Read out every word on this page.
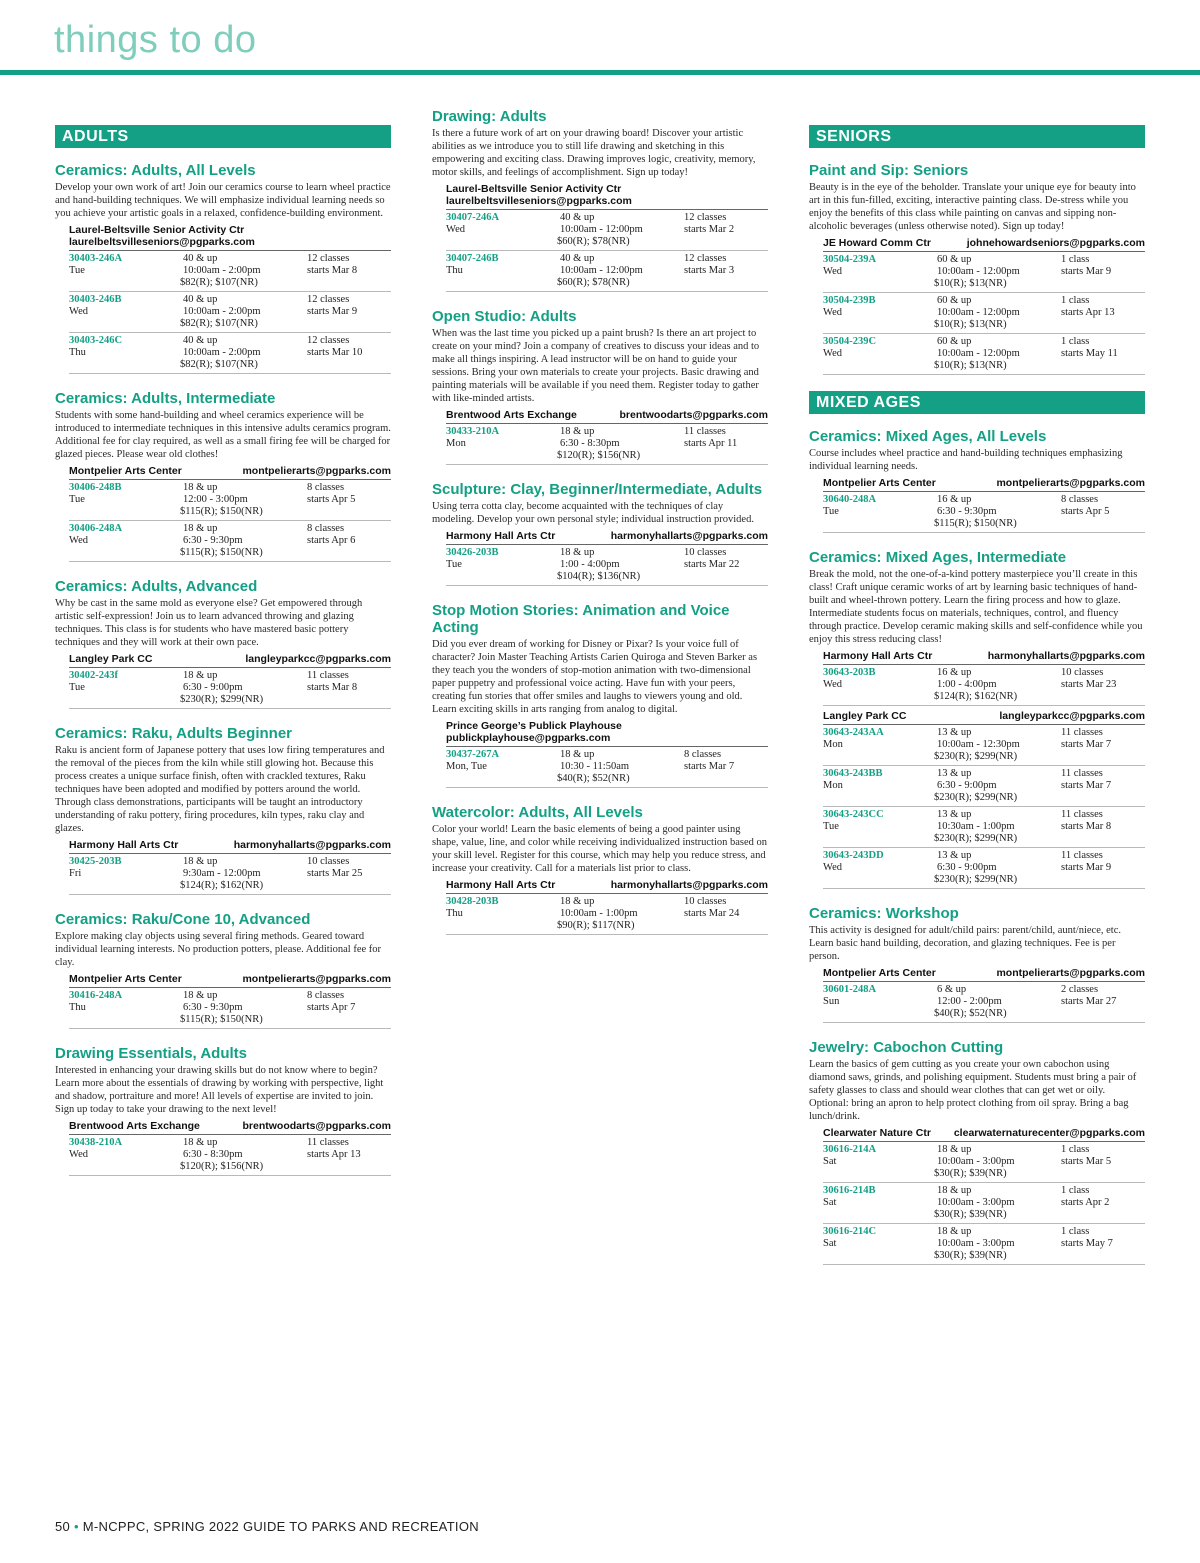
things to do
ADULTS
Ceramics: Adults, All Levels

Develop your own work of art! Join our ceramics course to learn wheel practice and hand-building techniques. We will emphasize individual learning needs so you achieve your artistic goals in a relaxed, confidence-building environment.

Laurel-Beltsville Senior Activity Ctr
laurelbeltsvilleseniors@pgparks.com
30403-246A	40 & up	12 classes
Tue	10:00am - 2:00pm	starts Mar 8
$82(R); $107(NR)
30403-246B	40 & up	12 classes
Wed	10:00am - 2:00pm	starts Mar 9
$82(R); $107(NR)
30403-246C	40 & up	12 classes
Thu	10:00am - 2:00pm	starts Mar 10
$82(R); $107(NR)
Ceramics: Adults, Intermediate

Students with some hand-building and wheel ceramics experience will be introduced to intermediate techniques in this intensive adults ceramics program. Additional fee for clay required, as well as a small firing fee will be charged for glazed pieces. Please wear old clothes!

Montpelier Arts Center	montpelierarts@pgparks.com
30406-248B	18 & up	8 classes
Tue	12:00 - 3:00pm	starts Apr 5
$115(R); $150(NR)
30406-248A	18 & up	8 classes
Wed	6:30 - 9:30pm	starts Apr 6
$115(R); $150(NR)
Ceramics: Adults, Advanced

Why be cast in the same mold as everyone else? Get empowered through artistic self-expression! Join us to learn advanced throwing and glazing techniques. This class is for students who have mastered basic pottery techniques and they will work at their own pace.

Langley Park CC	langleyparkcc@pgparks.com
30402-243f	18 & up	11 classes
Tue	6:30 - 9:00pm	starts Mar 8
$230(R); $299(NR)
Ceramics: Raku, Adults Beginner

Raku is ancient form of Japanese pottery that uses low firing temperatures and the removal of the pieces from the kiln while still glowing hot. Because this process creates a unique surface finish, often with crackled textures, Raku techniques have been adopted and modified by potters around the world. Through class demonstrations, participants will be taught an introductory understanding of raku pottery, firing procedures, kiln types, raku clay and glazes.

Harmony Hall Arts Ctr	harmonyhallarts@pgparks.com
30425-203B	18 & up	10 classes
Fri	9:30am - 12:00pm	starts Mar 25
$124(R); $162(NR)
Ceramics: Raku/Cone 10, Advanced

Explore making clay objects using several firing methods. Geared toward individual learning interests. No production potters, please. Additional fee for clay.

Montpelier Arts Center	montpelierarts@pgparks.com
30416-248A	18 & up	8 classes
Thu	6:30 - 9:30pm	starts Apr 7
$115(R); $150(NR)
Drawing Essentials, Adults

Interested in enhancing your drawing skills but do not know where to begin? Learn more about the essentials of drawing by working with perspective, light and shadow, portraiture and more! All levels of expertise are invited to join. Sign up today to take your drawing to the next level!

Brentwood Arts Exchange	brentwoodarts@pgparks.com
30438-210A	18 & up	11 classes
Wed	6:30 - 8:30pm	starts Apr 13
$120(R); $156(NR)
Drawing: Adults

Is there a future work of art on your drawing board! Discover your artistic abilities as we introduce you to still life drawing and sketching in this empowering and exciting class. Drawing improves logic, creativity, memory, motor skills, and feelings of accomplishment. Sign up today!

Laurel-Beltsville Senior Activity Ctr
laurelbeltsvilleseniors@pgparks.com
30407-246A	40 & up	12 classes
Wed	10:00am - 12:00pm	starts Mar 2
$60(R); $78(NR)
30407-246B	40 & up	12 classes
Thu	10:00am - 12:00pm	starts Mar 3
$60(R); $78(NR)
Open Studio: Adults

When was the last time you picked up a paint brush? Is there an art project to create on your mind? Join a company of creatives to discuss your ideas and to make all things inspiring. A lead instructor will be on hand to guide your sessions. Bring your own materials to create your projects. Basic drawing and painting materials will be available if you need them. Register today to gather with like-minded artists.

Brentwood Arts Exchange	brentwoodarts@pgparks.com
30433-210A	18 & up	11 classes
Mon	6:30 - 8:30pm	starts Apr 11
$120(R); $156(NR)
Sculpture: Clay, Beginner/Intermediate, Adults

Using terra cotta clay, become acquainted with the techniques of clay modeling. Develop your own personal style; individual instruction provided.

Harmony Hall Arts Ctr	harmonyhallarts@pgparks.com
30426-203B	18 & up	10 classes
Tue	1:00 - 4:00pm	starts Mar 22
$104(R); $136(NR)
Stop Motion Stories: Animation and Voice Acting

Did you ever dream of working for Disney or Pixar? Is your voice full of character? Join Master Teaching Artists Carien Quiroga and Steven Barker as they teach you the wonders of stop-motion animation with two-dimensional paper puppetry and professional voice acting. Have fun with your peers, creating fun stories that offer smiles and laughs to viewers young and old. Learn exciting skills in arts ranging from analog to digital.

Prince George’s Publick Playhouse
publickplayhouse@pgparks.com
30437-267A	18 & up	8 classes
Mon, Tue	10:30 - 11:50am	starts Mar 7
$40(R); $52(NR)
Watercolor: Adults, All Levels

Color your world! Learn the basic elements of being a good painter using shape, value, line, and color while receiving individualized instruction based on your skill level. Register for this course, which may help you reduce stress, and increase your creativity. Call for a materials list prior to class.

Harmony Hall Arts Ctr	harmonyhallarts@pgparks.com
30428-203B	18 & up	10 classes
Thu	10:00am - 1:00pm	starts Mar 24
$90(R); $117(NR)
SENIORS
Paint and Sip: Seniors

Beauty is in the eye of the beholder. Translate your unique eye for beauty into art in this fun-filled, exciting, interactive painting class. De-stress while you enjoy the benefits of this class while painting on canvas and sipping non-alcoholic beverages (unless otherwise noted). Sign up today!

JE Howard Comm Ctr	johnehowardseniors@pgparks.com
30504-239A	60 & up	1 class
Wed	10:00am - 12:00pm	starts Mar 9
$10(R); $13(NR)
30504-239B	60 & up	1 class
Wed	10:00am - 12:00pm	starts Apr 13
$10(R); $13(NR)
30504-239C	60 & up	1 class
Wed	10:00am - 12:00pm	starts May 11
$10(R); $13(NR)
MIXED AGES
Ceramics: Mixed Ages, All Levels

Course includes wheel practice and hand-building techniques emphasizing individual learning needs.

Montpelier Arts Center	montpelierarts@pgparks.com
30640-248A	16 & up	8 classes
Tue	6:30 - 9:30pm	starts Apr 5
$115(R); $150(NR)
Ceramics: Mixed Ages, Intermediate

Break the mold, not the one-of-a-kind pottery masterpiece you’ll create in this class! Craft unique ceramic works of art by learning basic techniques of hand-built and wheel-thrown pottery. Learn the firing process and how to glaze. Intermediate students focus on materials, techniques, control, and fluency through practice. Develop ceramic making skills and self-confidence while you enjoy this stress reducing class!

Harmony Hall Arts Ctr	harmonyhallarts@pgparks.com
30643-203B	16 & up	10 classes
Wed	1:00 - 4:00pm	starts Mar 23
$124(R); $162(NR)
Langley Park CC	langleyparkcc@pgparks.com
30643-243AA	13 & up	11 classes
Mon	10:00am - 12:30pm	starts Mar 7
$230(R); $299(NR)
30643-243BB	13 & up	11 classes
Mon	6:30 - 9:00pm	starts Mar 7
$230(R); $299(NR)
30643-243CC	13 & up	11 classes
Tue	10:30am - 1:00pm	starts Mar 8
$230(R); $299(NR)
30643-243DD	13 & up	11 classes
Wed	6:30 - 9:00pm	starts Mar 9
$230(R); $299(NR)
Ceramics: Workshop

This activity is designed for adult/child pairs: parent/child, aunt/niece, etc. Learn basic hand building, decoration, and glazing techniques. Fee is per person.

Montpelier Arts Center	montpelierarts@pgparks.com
30601-248A	6 & up	2 classes
Sun	12:00 - 2:00pm	starts Mar 27
$40(R); $52(NR)
Jewelry: Cabochon Cutting

Learn the basics of gem cutting as you create your own cabochon using diamond saws, grinds, and polishing equipment. Students must bring a pair of safety glasses to class and should wear clothes that can get wet or oily. Optional: bring an apron to help protect clothing from oil spray. Bring a bag lunch/drink.

Clearwater Nature Ctr clearwaternaturecenter@pgparks.com
30616-214A	18 & up	1 class
Sat	10:00am - 3:00pm	starts Mar 5
$30(R); $39(NR)
30616-214B	18 & up	1 class
Sat	10:00am - 3:00pm	starts Apr 2
$30(R); $39(NR)
30616-214C	18 & up	1 class
Sat	10:00am - 3:00pm	starts May 7
$30(R); $39(NR)
50 • M-NCPPC, SPRING 2022 GUIDE TO PARKS AND RECREATION
